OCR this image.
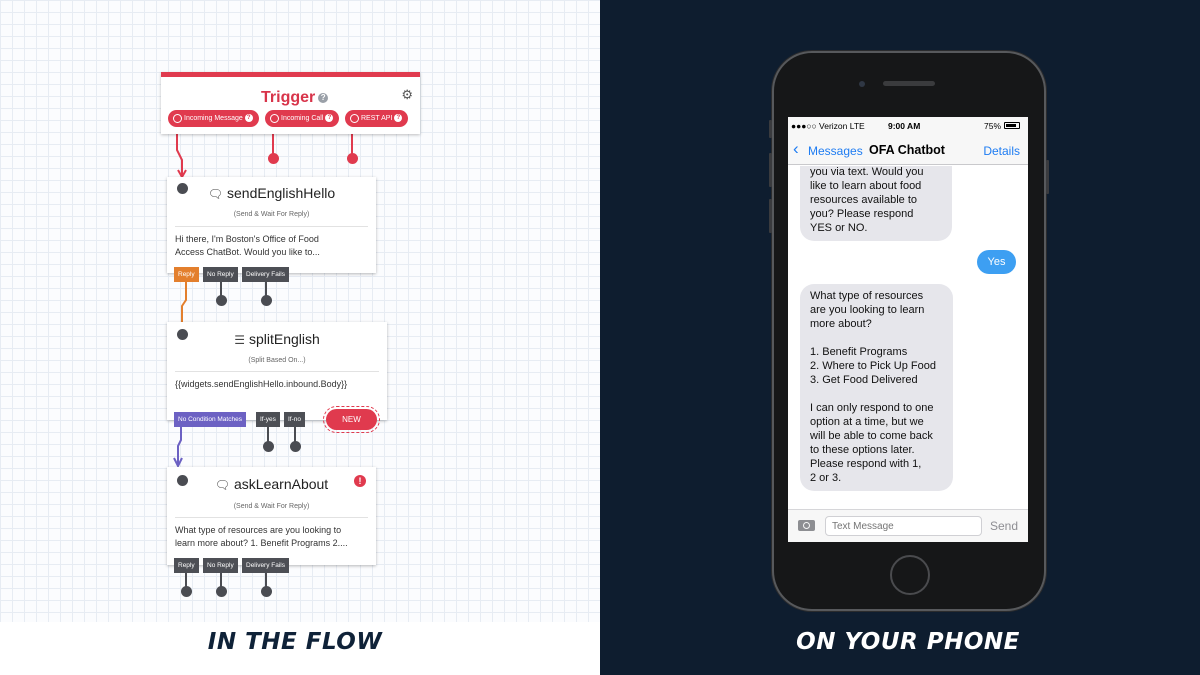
Trigger ?	⚙
Incoming Message ?	Incoming Call ?	REST API ?
🗨 sendEnglishHello
(Send & Wait For Reply)
Hi there, I'm Boston's Office of Food
Access ChatBot. Would you like to...
Reply	No Reply	Delivery Fails
☰ splitEnglish
(Split Based On...)
{{widgets.sendEnglishHello.inbound.Body}}
No Condition Matches	If-yes	If-no	NEW
🗨 askLearnAbout	!
(Send & Wait For Reply)
What type of resources are you looking to
learn more about? 1. Benefit Programs 2....
Reply	No Reply	Delivery Fails
IN THE FLOW
●●●○○ Verizon LTE	9:00 AM	75%
‹ Messages OFA Chatbot	Details
you via text. Would you
like to learn about food
resources available to
you? Please respond
YES or NO.
Yes
What type of resources
are you looking to learn
more about?

1. Benefit Programs
2. Where to Pick Up Food
3. Get Food Delivered

I can only respond to one
option at a time, but we
will be able to come back
to these options later.
Please respond with 1,
2 or 3.
Text Message
Send
ON YOUR PHONE
